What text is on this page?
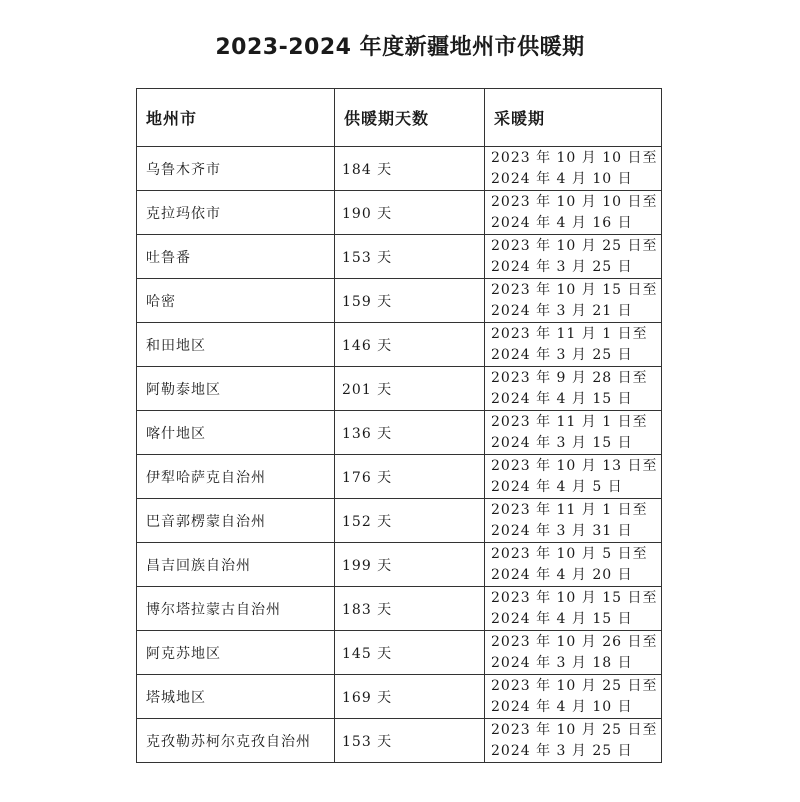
2023-2024 年度新疆地州市供暖期
地州市	供暖期天数	采暖期
乌鲁木齐市	184 天	2023 年 10 月 10 日至
2024 年 4 月 10 日

克拉玛依市	190 天	2023 年 10 月 10 日至
2024 年 4 月 16 日

吐鲁番	153 天	2023 年 10 月 25 日至
2024 年 3 月 25 日

哈密	159 天	2023 年 10 月 15 日至
2024 年 3 月 21 日

和田地区	146 天	2023 年 11 月 1 日至
2024 年 3 月 25 日

阿勒泰地区	201 天	2023 年 9 月 28 日至
2024 年 4 月 15 日

喀什地区	136 天	2023 年 11 月 1 日至
2024 年 3 月 15 日

伊犁哈萨克自治州	176 天	2023 年 10 月 13 日至
2024 年 4 月 5 日

巴音郭楞蒙自治州	152 天	2023 年 11 月 1 日至
2024 年 3 月 31 日

昌吉回族自治州	199 天	2023 年 10 月 5 日至
2024 年 4 月 20 日

博尔塔拉蒙古自治州	183 天	2023 年 10 月 15 日至
2024 年 4 月 15 日

阿克苏地区	145 天	2023 年 10 月 26 日至
2024 年 3 月 18 日

塔城地区	169 天	2023 年 10 月 25 日至
2024 年 4 月 10 日

克孜勒苏柯尔克孜自治州	153 天	2023 年 10 月 25 日至
2024 年 3 月 25 日
